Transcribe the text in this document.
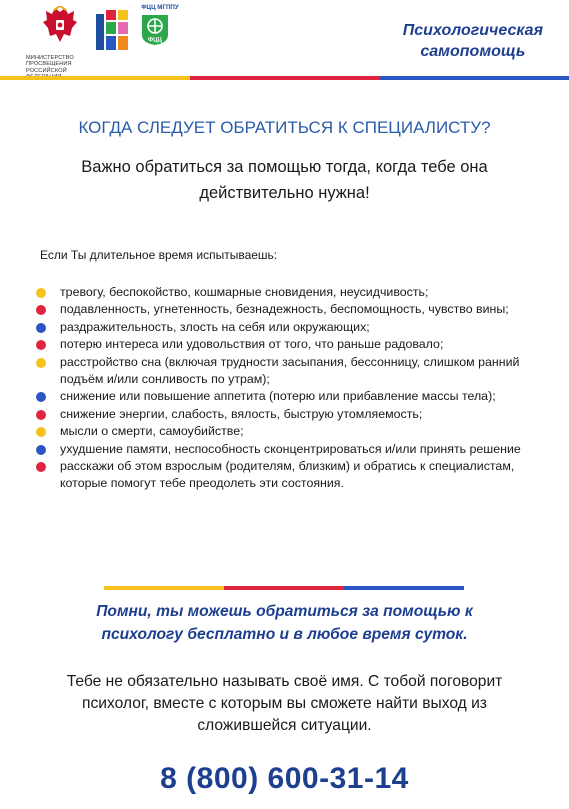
МИНИСТЕРСТВО ПРОСВЕЩЕНИЯ
РОССИЙСКОЙ
ФЦЦ МГППУ
ФЦЦ
Психологическая
самопомощь
КОГДА СЛЕДУЕТ ОБРАТИТЬСЯ К СПЕЦИАЛИСТУ?
Важно обратиться за помощью тогда, когда тебе она действительно нужна!
Если Ты длительное время испытываешь:
тревогу, беспокойство, кошмарные сновидения, неусидчивость;
подавленность, угнетенность, безнадежность, беспомощность, чувство вины;
раздражительность, злость на себя или окружающих;
потерю интереса или удовольствия от того, что раньше радовало;
расстройство сна (включая трудности засыпания, бессонницу, слишком ранний подъём и/или сонливость по утрам);
снижение или повышение аппетита (потерю или прибавление массы тела);
снижение энергии, слабость, вялость, быструю утомляемость;
мысли о смерти, самоубийстве;
ухудшение памяти, неспособность сконцентрироваться и/или принять решение
расскажи об этом взрослым (родителям, близким) и обратись к специалистам, которые помогут тебе преодолеть эти состояния.
Помни, ты можешь обратиться за помощью к психологу бесплатно и в любое время суток.
Тебе не обязательно называть своё имя. С тобой поговорит психолог, вместе с которым вы сможете найти выход из сложившейся ситуации.
8 (800) 600-31-14
